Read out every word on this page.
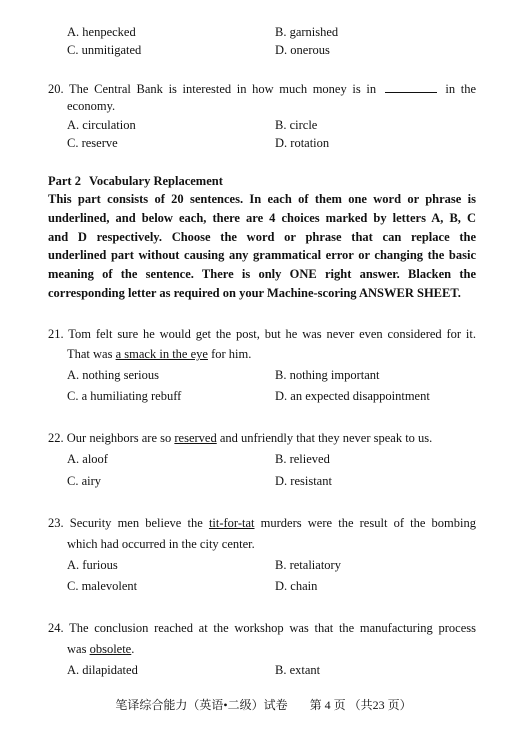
A. henpecked	B. garnished
C. unmitigated	D. onerous
20. The Central Bank is interested in how much money is in	in the
economy.
A. circulation	B. circle
C. reserve	D. rotation
Part 2 Vocabulary Replacement
This part consists of 20 sentences. In each of them one word or phrase is
underlined, and below each, there are 4 choices marked by letters A, B, C
and D respectively. Choose the word or phrase that can replace the
underlined part without causing any grammatical error or changing the basic
meaning of the sentence. There is only ONE right answer. Blacken the
corresponding letter as required on your Machine-scoring ANSWER SHEET.
21. Tom felt sure he would get the post, but he was never even considered for it.
That was a smack in the eye for him.
A. nothing serious	B. nothing important
C. a humiliating rebuff	D. an expected disappointment
22. Our neighbors are so reserved and unfriendly that they never speak to us.
A. aloof	B. relieved
C. airy	D. resistant
23. Security men believe the tit-for-tat murders were the result of the bombing
which had occurred in the city center.
A. furious	B. retaliatory
C. malevolent	D. chain
24. The conclusion reached at the workshop was that the manufacturing process
was obsolete.
A. dilapidated	B. extant
笔译综合能力（英语•二级）试卷 第 4 页 （共23 页）
